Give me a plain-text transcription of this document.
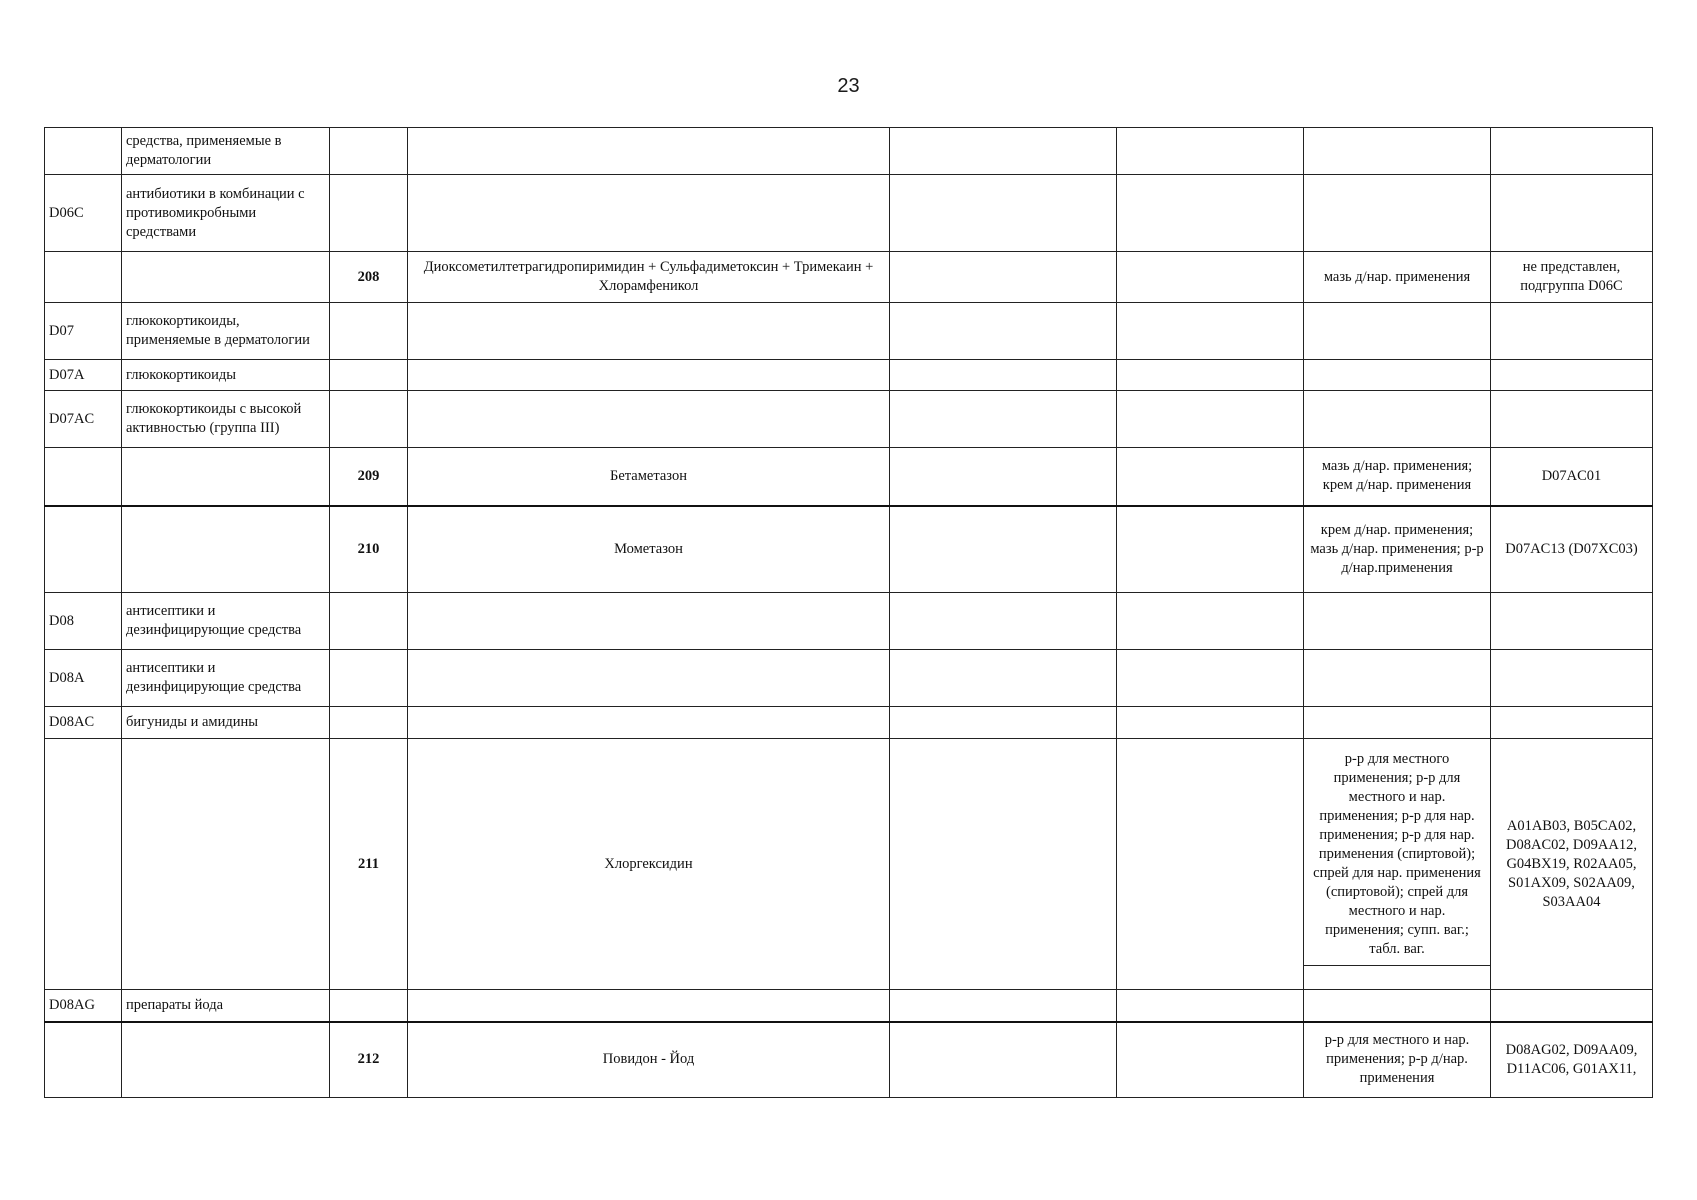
23
	средства, применяемые в дерматологии						
D06C	антибиотики в комбинации с противомикробными средствами						
		208	Диоксометилтетрагидропиримидин + Сульфадиметоксин + Тримекаин + Хлорамфеникол			мазь д/нар. применения	не представлен, подгруппа D06C
D07	глюкокортикоиды, применяемые в дерматологии						
D07A	глюкокортикоиды						
D07AC	глюкокортикоиды с высокой активностью (группа III)						
		209	Бетаметазон			мазь д/нар. применения; крем д/нар. применения	D07AC01
		210	Мометазон			крем д/нар. применения; мазь д/нар. применения; р-р д/нар.применения	D07AC13 (D07XC03)
D08	антисептики и дезинфицирующие средства						
D08A	антисептики и дезинфицирующие средства						
D08AC	бигуниды и амидины						
		211	Хлоргексидин			р-р для местного применения; р-р для местного и нар. применения; р-р для нар. применения; р-р для нар. применения (спиртовой); спрей для нар. применения (спиртовой); спрей для местного и нар. применения; супп. ваг.; табл. ваг.	A01AB03, B05CA02, D08AC02, D09AA12, G04BX19, R02AA05, S01AX09, S02AA09, S03AA04
D08AG	препараты йода						
		212	Повидон - Йод			р-р для местного и нар. применения; р-р д/нар. применения	D08AG02, D09AA09, D11AC06, G01AX11,
